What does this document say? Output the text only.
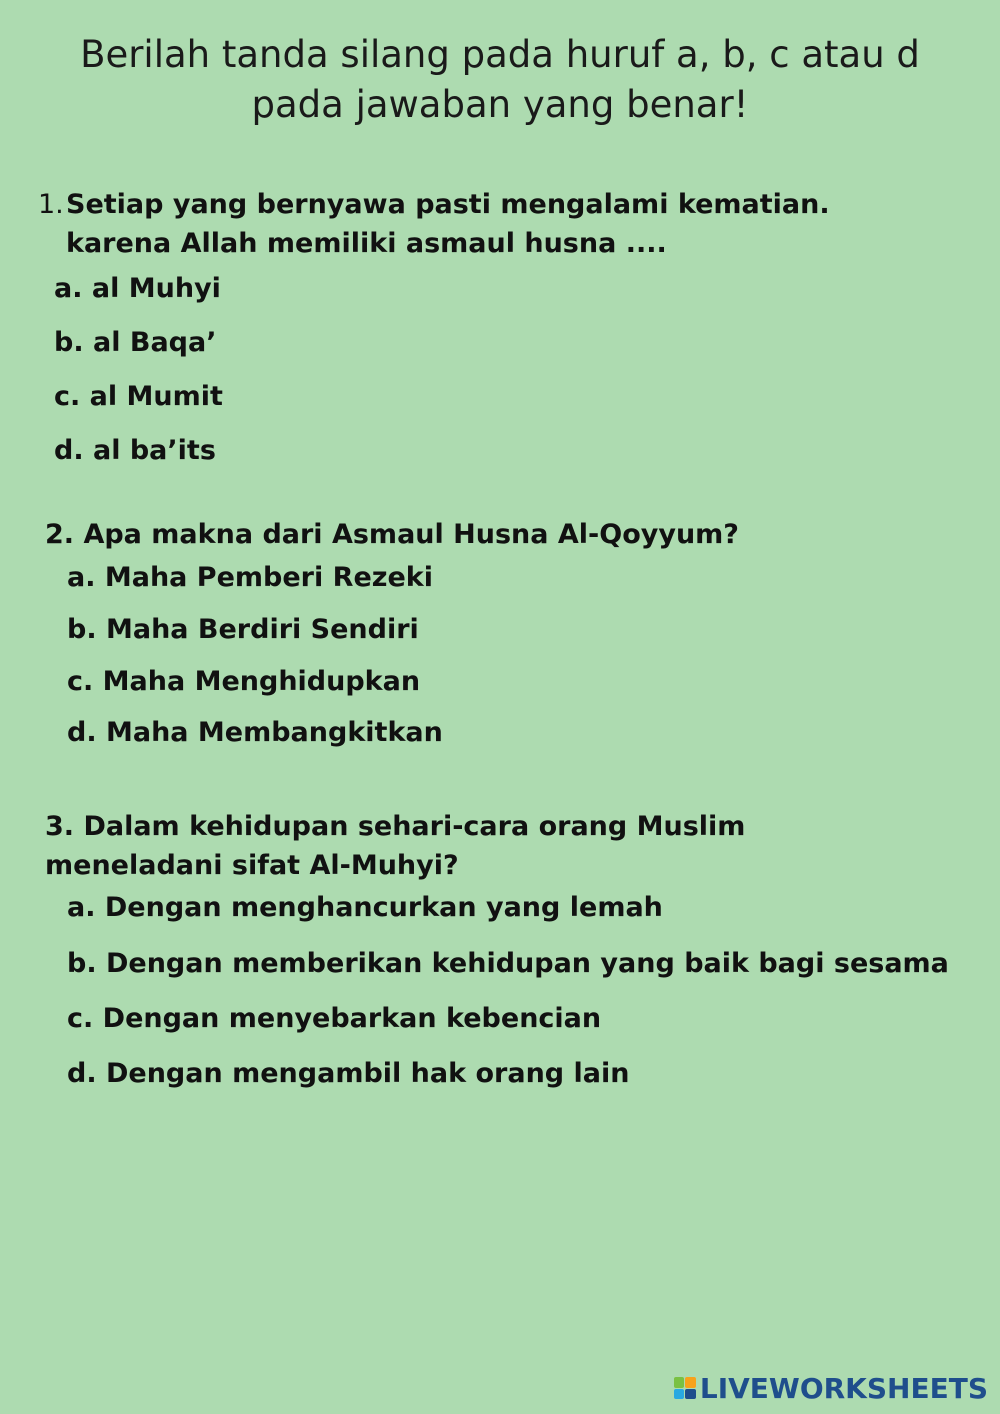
Berilah tanda silang pada huruf a, b, c atau d pada jawaban yang benar!
1. Setiap yang bernyawa pasti mengalami kematian. karena Allah memiliki asmaul husna ....
a. al Muhyi
b. al Baqa’
c. al Mumit
d. al ba’its
2. Apa makna dari Asmaul Husna Al-Qoyyum?
a. Maha Pemberi Rezeki
b. Maha Berdiri Sendiri
c. Maha Menghidupkan
d. Maha Membangkitkan
3. Dalam kehidupan sehari-cara orang Muslim meneladani sifat Al-Muhyi?
a. Dengan menghancurkan yang lemah
b. Dengan memberikan kehidupan yang baik bagi sesama
c. Dengan menyebarkan kebencian
d. Dengan mengambil hak orang lain
LIVEWORKSHEETS
